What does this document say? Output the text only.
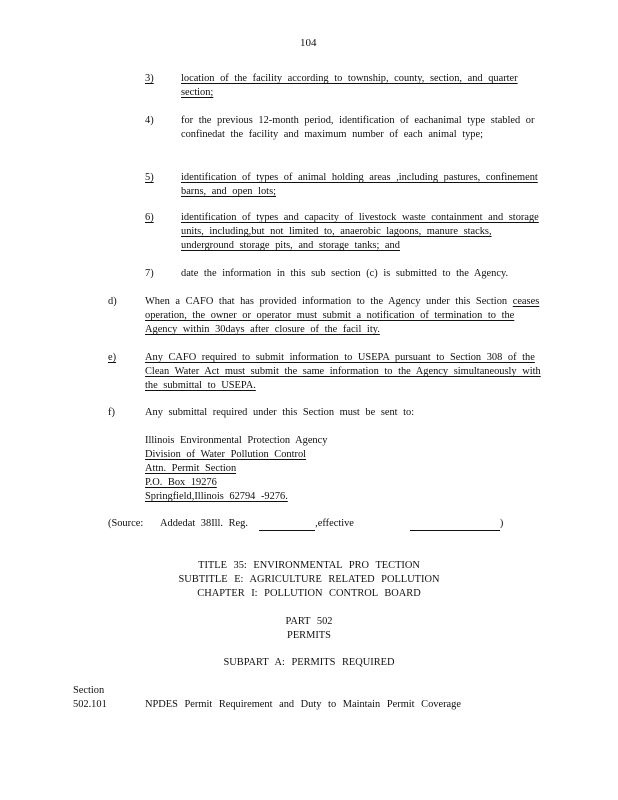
104
3)	location of the facility according to township, county, section, and quarter section;
4)	for the previous 12-month period, identification of eachanimal type stabled or confinedat the facility and maximum number of each animal type;
5)	identification of types of animal holding areas ,including pastures, confinement barns, and open lots;
6)	identification of types and capacity of livestock waste containment and storage units, including,but not limited to, anaerobic lagoons, manure stacks, underground storage pits, and storage tanks; and
7)	date the information in this sub section (c) is submitted to the Agency.
d)	When a CAFO that has provided information to the Agency under this Section ceases operation, the owner or operator must submit a notification of termination to the Agency within 30days after closure of the facil ity.
e)	Any CAFO required to submit information to USEPA pursuant to Section 308 of the Clean Water Act must submit the same information to the Agency simultaneously with the submittal to USEPA.
f)	Any submittal required under this Section must be sent to:
Illinois Environmental Protection Agency
Division of Water Pollution Control
Attn. Permit Section
P.O. Box 19276
Springfield,Illinois 62794 -9276.
(Source: Addedat 38Ill. Reg.	,effective	)
TITLE 35: ENVIRONMENTAL PRO TECTION
SUBTITLE E: AGRICULTURE RELATED POLLUTION
CHAPTER I: POLLUTION CONTROL BOARD
PART 502
PERMITS
SUBPART A: PERMITS REQUIRED
Section
502.101	NPDES Permit Requirement and Duty to Maintain Permit Coverage
